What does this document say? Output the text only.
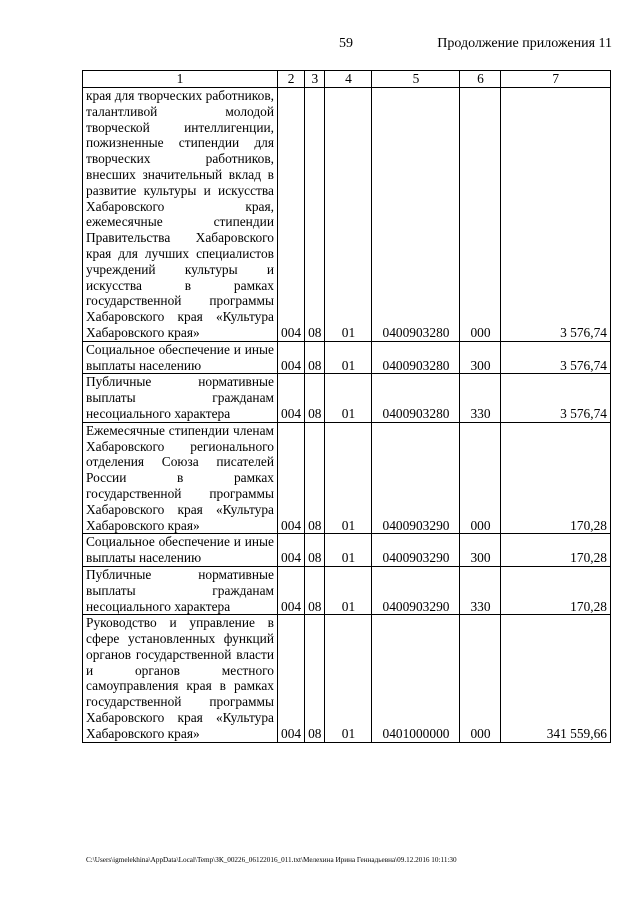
59	Продолжение приложения 11
1	2	3	4	5	6	7
края для творческих работников, талантливой молодой творческой интеллигенции, пожизненные стипендии для творческих работников, внесших значительный вклад в развитие культуры и искусства Хабаровского края, ежемесячные стипендии Правительства Хабаровского края для лучших специалистов учреждений культуры и искусства в рамках государственной программы Хабаровского края «Культура Хабаровского края»	004	08	01	0400903280	000	3 576,74
Социальное обеспечение и иные выплаты населению	004	08	01	0400903280	300	3 576,74
Публичные нормативные выплаты гражданам несоциального характера	004	08	01	0400903280	330	3 576,74
Ежемесячные стипендии членам Хабаровского регионального отделения Союза писателей России в рамках государственной программы Хабаровского края «Культура Хабаровского края»	004	08	01	0400903290	000	170,28
Социальное обеспечение и иные выплаты населению	004	08	01	0400903290	300	170,28
Публичные нормативные выплаты гражданам несоциального характера	004	08	01	0400903290	330	170,28
Руководство и управление в сфере установленных функций органов государственной власти и органов местного самоуправления края в рамках государственной программы Хабаровского края «Культура Хабаровского края»	004	08	01	0401000000	000	341 559,66
C:\Users\igmelekhina\AppData\Local\Temp\ЗК_00226_06122016_011.txt\Мелехина Ирина Геннадьевна\09.12.2016 10:11:30
